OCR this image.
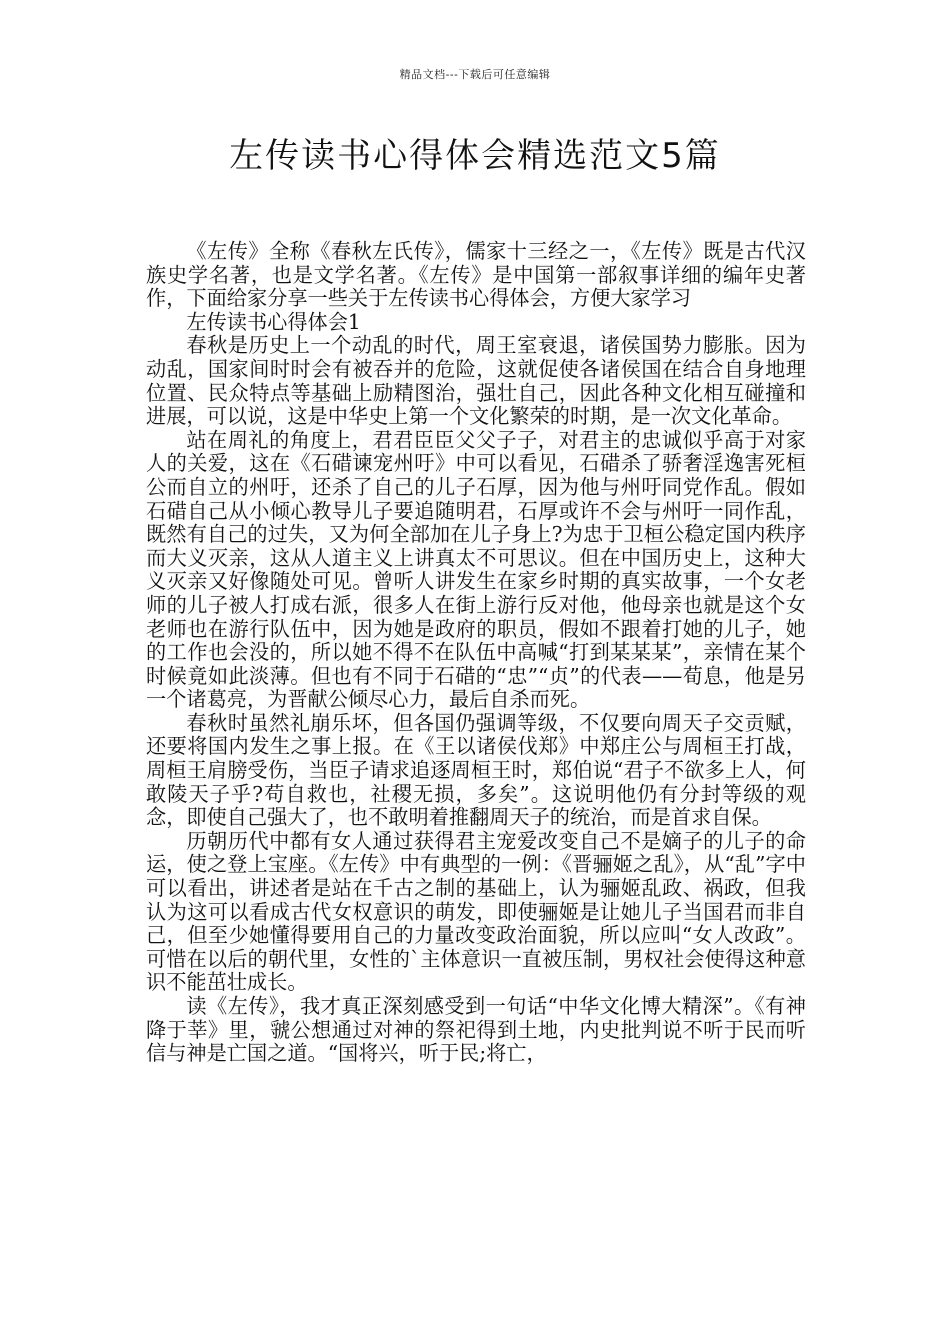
精品文档---下载后可任意编辑
左传读书心得体会精选范文5篇

《左传》全称《春秋左氏传》，儒家十三经之一，《左传》既是古代汉族史学名著，也是文学名著。《左传》是中国第一部叙事详细的编年史著作，下面给家分享一些关于左传读书心得体会，方便大家学习

左传读书心得体会1

春秋是历史上一个动乱的时代，周王室衰退，诸侯国势力膨胀。因为动乱，国家间时时会有被吞并的危险，这就促使各诸侯国在结合自身地理位置、民众特点等基础上励精图治，强壮自己，因此各种文化相互碰撞和进展，可以说，这是中华史上第一个文化繁荣的时期，是一次文化革命。

站在周礼的角度上，君君臣臣父父子子，对君主的忠诚似乎高于对家人的关爱，这在《石碏谏宠州吁》中可以看见，石碏杀了骄奢淫逸害死桓公而自立的州吁，还杀了自己的儿子石厚，因为他与州吁同党作乱。假如石碏自己从小倾心教导儿子要追随明君，石厚或许不会与州吁一同作乱，既然有自己的过失，又为何全部加在儿子身上?为忠于卫桓公稳定国内秩序而大义灭亲，这从人道主义上讲真太不可思议。但在中国历史上，这种大义灭亲又好像随处可见。曾听人讲发生在家乡时期的真实故事，一个女老师的儿子被人打成右派，很多人在街上游行反对他，他母亲也就是这个女老师也在游行队伍中，因为她是政府的职员，假如不跟着打她的儿子，她的工作也会没的，所以她不得不在队伍中高喊“打到某某某”，亲情在某个时候竟如此淡薄。但也有不同于石碏的“忠”“贞”的代表——荀息，他是另一个诸葛亮，为晋献公倾尽心力，最后自杀而死。

春秋时虽然礼崩乐坏，但各国仍强调等级，不仅要向周天子交贡赋，还要将国内发生之事上报。在《王以诸侯伐郑》中郑庄公与周桓王打战，周桓王肩膀受伤，当臣子请求追逐周桓王时，郑伯说“君子不欲多上人，何敢陵天子乎?苟自救也，社稷无损，多矣”。这说明他仍有分封等级的观念，即使自己强大了，也不敢明着推翻周天子的统治，而是首求自保。

历朝历代中都有女人通过获得君主宠爱改变自己不是嫡子的儿子的命运，使之登上宝座。《左传》中有典型的一例：《晋骊姬之乱》，从“乱”字中可以看出，讲述者是站在千古之制的基础上，认为骊姬乱政、祸政，但我认为这可以看成古代女权意识的萌发，即使骊姬是让她儿子当国君而非自己，但至少她懂得要用自己的力量改变政治面貌，所以应叫“女人改政”。可惜在以后的朝代里，女性的`主体意识一直被压制，男权社会使得这种意识不能茁壮成长。

读《左传》，我才真正深刻感受到一句话“中华文化博大精深”。《有神降于莘》里，虢公想通过对神的祭祀得到土地，内史批判说不听于民而听信与神是亡国之道。“国将兴，听于民;将亡，
